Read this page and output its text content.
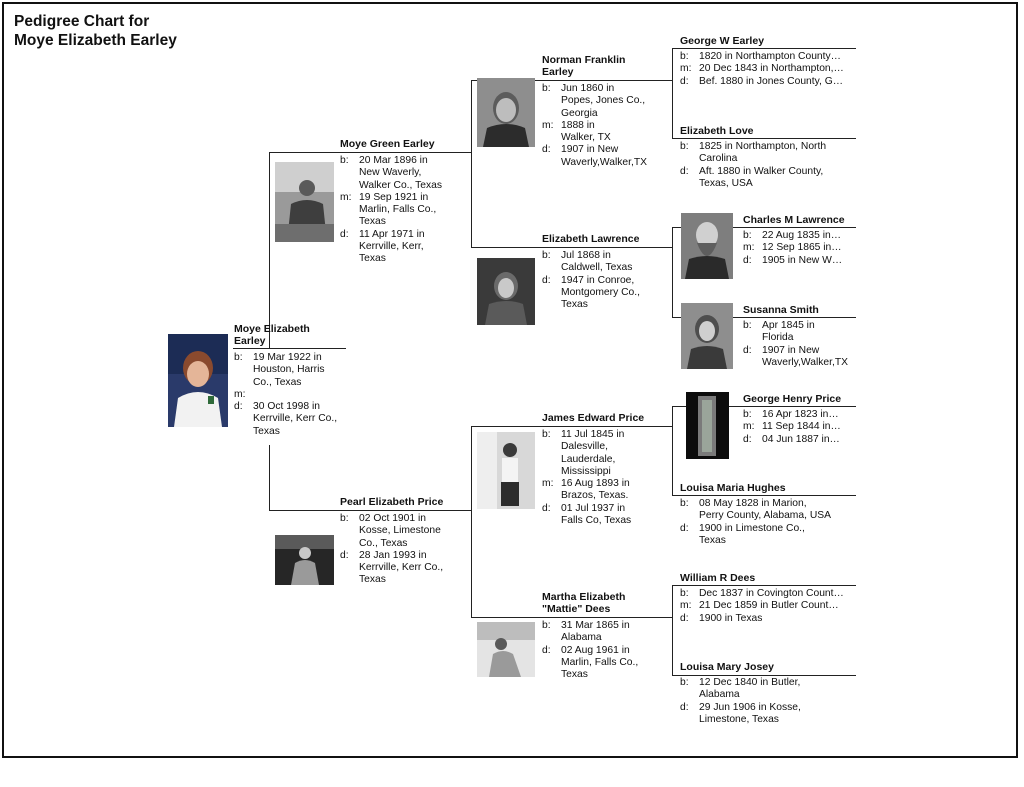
Pedigree Chart for
Moye Elizabeth Earley
Moye Elizabeth
Earley
b:	19 Mar 1922 in
Houston, Harris
Co., Texas
m:
d:	30 Oct 1998 in
Kerrville, Kerr Co.,
Texas
Moye Green Earley
b:	20 Mar 1896 in
New Waverly,
Walker Co., Texas
m: 19 Sep 1921 in
Marlin, Falls Co.,
Texas
d:	11 Apr 1971 in
Kerrville, Kerr,
Texas
Pearl Elizabeth Price
b:	02 Oct 1901 in
Kosse, Limestone
Co., Texas
d:	28 Jan 1993 in
Kerrville, Kerr Co.,
Texas
Norman Franklin
Earley
b:	Jun 1860 in
Popes, Jones Co.,
Georgia
m: 1888 in
Walker, TX
d:	1907 in New
Waverly,Walker,TX
Elizabeth Lawrence
b:	Jul 1868 in
Caldwell, Texas
d:	1947 in Conroe,
Montgomery Co.,
Texas
James Edward Price
b:	11 Jul 1845 in
Dalesville,
Lauderdale,
Mississippi
m: 16 Aug 1893 in
Brazos, Texas.
d:	01 Jul 1937 in
Falls Co, Texas
Martha Elizabeth
"Mattie" Dees
b:	31 Mar 1865 in
Alabama
d:	02 Aug 1961 in
Marlin, Falls Co.,
Texas
George W Earley
b:	1820 in Northampton County…
m: 20 Dec 1843 in Northampton,…
d:	Bef. 1880 in Jones County, G…
Elizabeth Love
b:	1825 in Northampton, North
Carolina
d:	Aft. 1880 in Walker County,
Texas, USA
Charles M Lawrence
b:	22 Aug 1835 in…
m: 12 Sep 1865 in…
d:	1905 in New W…
Susanna Smith
b:	Apr 1845 in
Florida
d:	1907 in New
Waverly,Walker,TX
George Henry Price
b:	16 Apr 1823 in…
m: 11 Sep 1844 in…
d:	04 Jun 1887 in…
Louisa Maria Hughes
b:	08 May 1828 in Marion,
Perry County, Alabama, USA
d:	1900 in Limestone Co.,
Texas
William R Dees
b:	Dec 1837 in Covington Count…
m: 21 Dec 1859 in Butler Count…
d:	1900 in Texas
Louisa Mary Josey
b:	12 Dec 1840 in Butler,
Alabama
d:	29 Jun 1906 in Kosse,
Limestone, Texas
